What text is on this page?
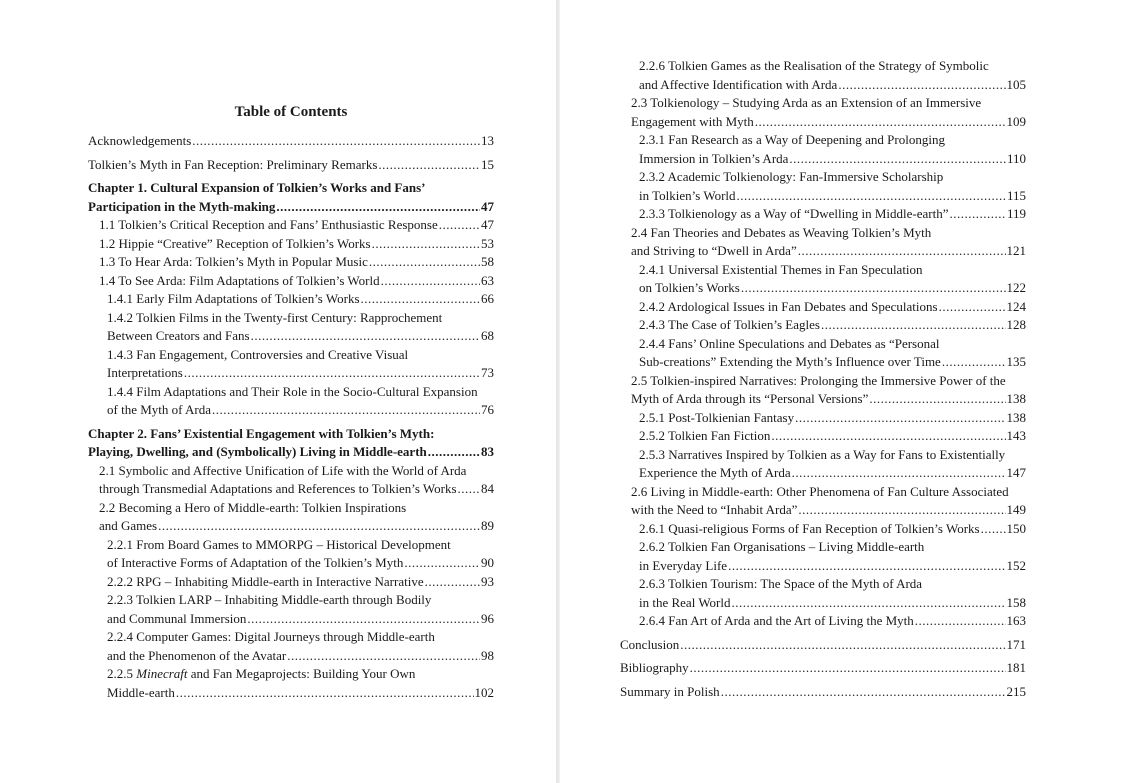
Table of Contents
Acknowledgements .....	13
Tolkien’s Myth in Fan Reception: Preliminary Remarks .....	15
Chapter 1. Cultural Expansion of Tolkien’s Works and Fans’
Participation in the Myth-making .....	47
1.1 Tolkien’s Critical Reception and Fans’ Enthusiastic Response .....	47
1.2 Hippie “Creative” Reception of Tolkien’s Works .....	53
1.3 To Hear Arda: Tolkien’s Myth in Popular Music .....	58
1.4 To See Arda: Film Adaptations of Tolkien’s World .....	63
1.4.1 Early Film Adaptations of Tolkien’s Works .....	66
1.4.2 Tolkien Films in the Twenty-first Century: Rapprochement
Between Creators and Fans .....	68
1.4.3 Fan Engagement, Controversies and Creative Visual
Interpretations .....	73
1.4.4 Film Adaptations and Their Role in the Socio-Cultural Expansion
of the Myth of Arda .....	76
Chapter 2. Fans’ Existential Engagement with Tolkien’s Myth:
Playing, Dwelling, and (Symbolically) Living in Middle-earth .....	83
2.1 Symbolic and Affective Unification of Life with the World of Arda
through Transmedial Adaptations and References to Tolkien’s Works ..... 84
2.2 Becoming a Hero of Middle-earth: Tolkien Inspirations
and Games .....	89
2.2.1 From Board Games to MMORPG – Historical Development
of Interactive Forms of Adaptation of the Tolkien’s Myth .....	90
2.2.2 RPG – Inhabiting Middle-earth in Interactive Narrative .....	93
2.2.3 Tolkien LARP – Inhabiting Middle-earth through Bodily
and Communal Immersion .....	96
2.2.4 Computer Games: Digital Journeys through Middle-earth
and the Phenomenon of the Avatar .....	98
2.2.5 Minecraft and Fan Megaprojects: Building Your Own
Middle-earth .....	102
2.2.6 Tolkien Games as the Realisation of the Strategy of Symbolic
and Affective Identification with Arda .....	105
2.3 Tolkienology – Studying Arda as an Extension of an Immersive
Engagement with Myth .....	109
2.3.1 Fan Research as a Way of Deepening and Prolonging
Immersion in Tolkien’s Arda .....	110
2.3.2 Academic Tolkienology: Fan-Immersive Scholarship
in Tolkien’s World .....	115
2.3.3 Tolkienology as a Way of “Dwelling in Middle-earth” .....	119
2.4 Fan Theories and Debates as Weaving Tolkien’s Myth
and Striving to “Dwell in Arda” .....	121
2.4.1 Universal Existential Themes in Fan Speculation
on Tolkien’s Works .....	122
2.4.2 Ardological Issues in Fan Debates and Speculations .....	124
2.4.3 The Case of Tolkien’s Eagles .....	128
2.4.4 Fans’ Online Speculations and Debates as “Personal
Sub-creations” Extending the Myth’s Influence over Time .....	135
2.5 Tolkien-inspired Narratives: Prolonging the Immersive Power of the
Myth of Arda through its “Personal Versions” .....	138
2.5.1 Post-Tolkienian Fantasy .....	138
2.5.2 Tolkien Fan Fiction .....	143
2.5.3 Narratives Inspired by Tolkien as a Way for Fans to Existentially
Experience the Myth of Arda .....	147
2.6 Living in Middle-earth: Other Phenomena of Fan Culture Associated
with the Need to “Inhabit Arda” .....	149
2.6.1 Quasi-religious Forms of Fan Reception of Tolkien’s Works ..... 150
2.6.2 Tolkien Fan Organisations – Living Middle-earth
in Everyday Life .....	152
2.6.3 Tolkien Tourism: The Space of the Myth of Arda
in the Real World .....	158
2.6.4 Fan Art of Arda and the Art of Living the Myth .....	163
Conclusion .....	171
Bibliography .....	181
Summary in Polish .....	215
